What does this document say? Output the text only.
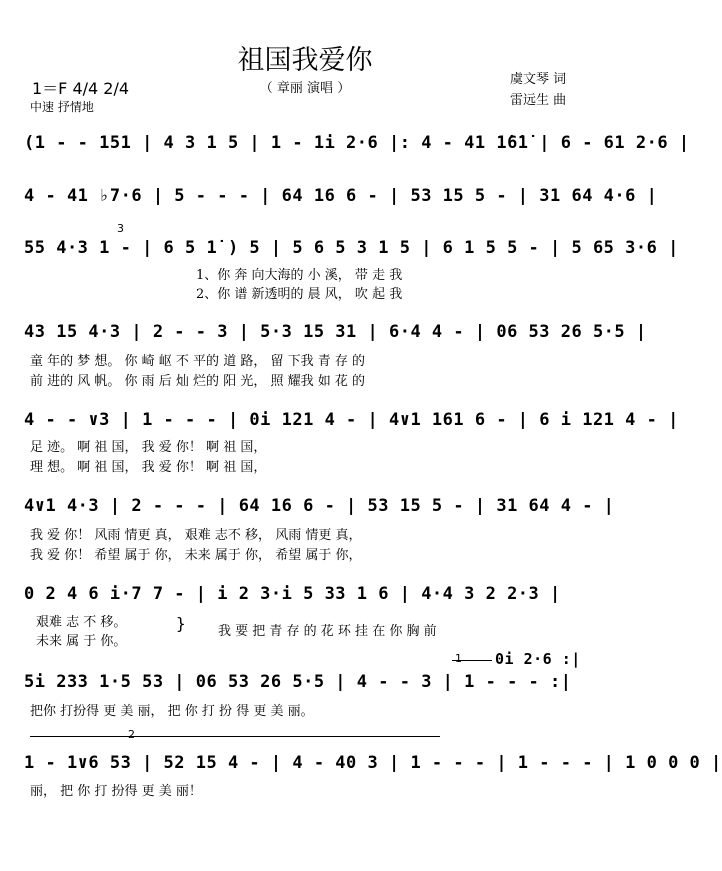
祖国我爱你
（ 章丽 演唱 ）
1＝F 4/4 2/4
中速 抒情地
虞文琴 词
雷远生 曲
(1 - - 151 | 4 3 1 5 | 1 - 1i 2·6 |: 4 - 41 1̇6̇1̇ | 6 - 61 2·6 |
4 - 41 ♭7·6 | 5 - - - | 64 16 6 - | 53 15 5 - | 31 64 4·6 |
3
55 4·3 1 - | 6 5 1̇ ) 5 | 5 6 5 3 1 5 | 6 1 5 5 - | 5 65 3·6 |
1、你 奔 向大海的 小 溪， 带 走 我
2、你 谱 新透明的 晨 风， 吹 起 我
43 15 4·3 | 2 - - 3 | 5·3 15 31 | 6·4 4 - | 06 53 26 5·5 |
童 年的 梦 想。 你 崎 岖 不 平的 道 路， 留 下我 青 存 的
前 进的 风 帆。 你 雨 后 灿 烂的 阳 光， 照 耀我 如 花 的
4 - - ∨3 | 1 - - - | 0i 121 4 - | 4∨1 161 6 - | 6 i 121 4 - |
足 迹。 啊 祖 国， 我 爱 你！ 啊 祖 国，
理 想。 啊 祖 国， 我 爱 你！ 啊 祖 国，
4∨1 4·3 | 2 - - - | 64 16 6 - | 53 15 5 - | 31 64 4 - |
我 爱 你！ 风雨 情更 真， 艰难 志不 移， 风雨 情更 真，
我 爱 你！ 希望 属于 你， 未来 属于 你， 希望 属于 你，
0 2 4 6 i·7 7 - | i 2 3·i 5 33 1 6 | 4·4 3 2 2·3 |
艰难 志 不 移。
未来 属 于 你。
} 我 要 把 青 存 的 花 环 挂 在 你 胸 前
1 0i 2·6 :|
5i 233 1·5 53 | 06 53 26 5·5 | 4 - - 3 | 1 - - - :|
把你 打扮得 更 美 丽， 把 你 打 扮 得 更 美 丽。
2
1 - 1∨6 53 | 52 15 4 - | 4 - 40 3 | 1 - - - | 1 - - - | 1 0 0 0 |
丽， 把 你 打 扮得 更 美 丽！
